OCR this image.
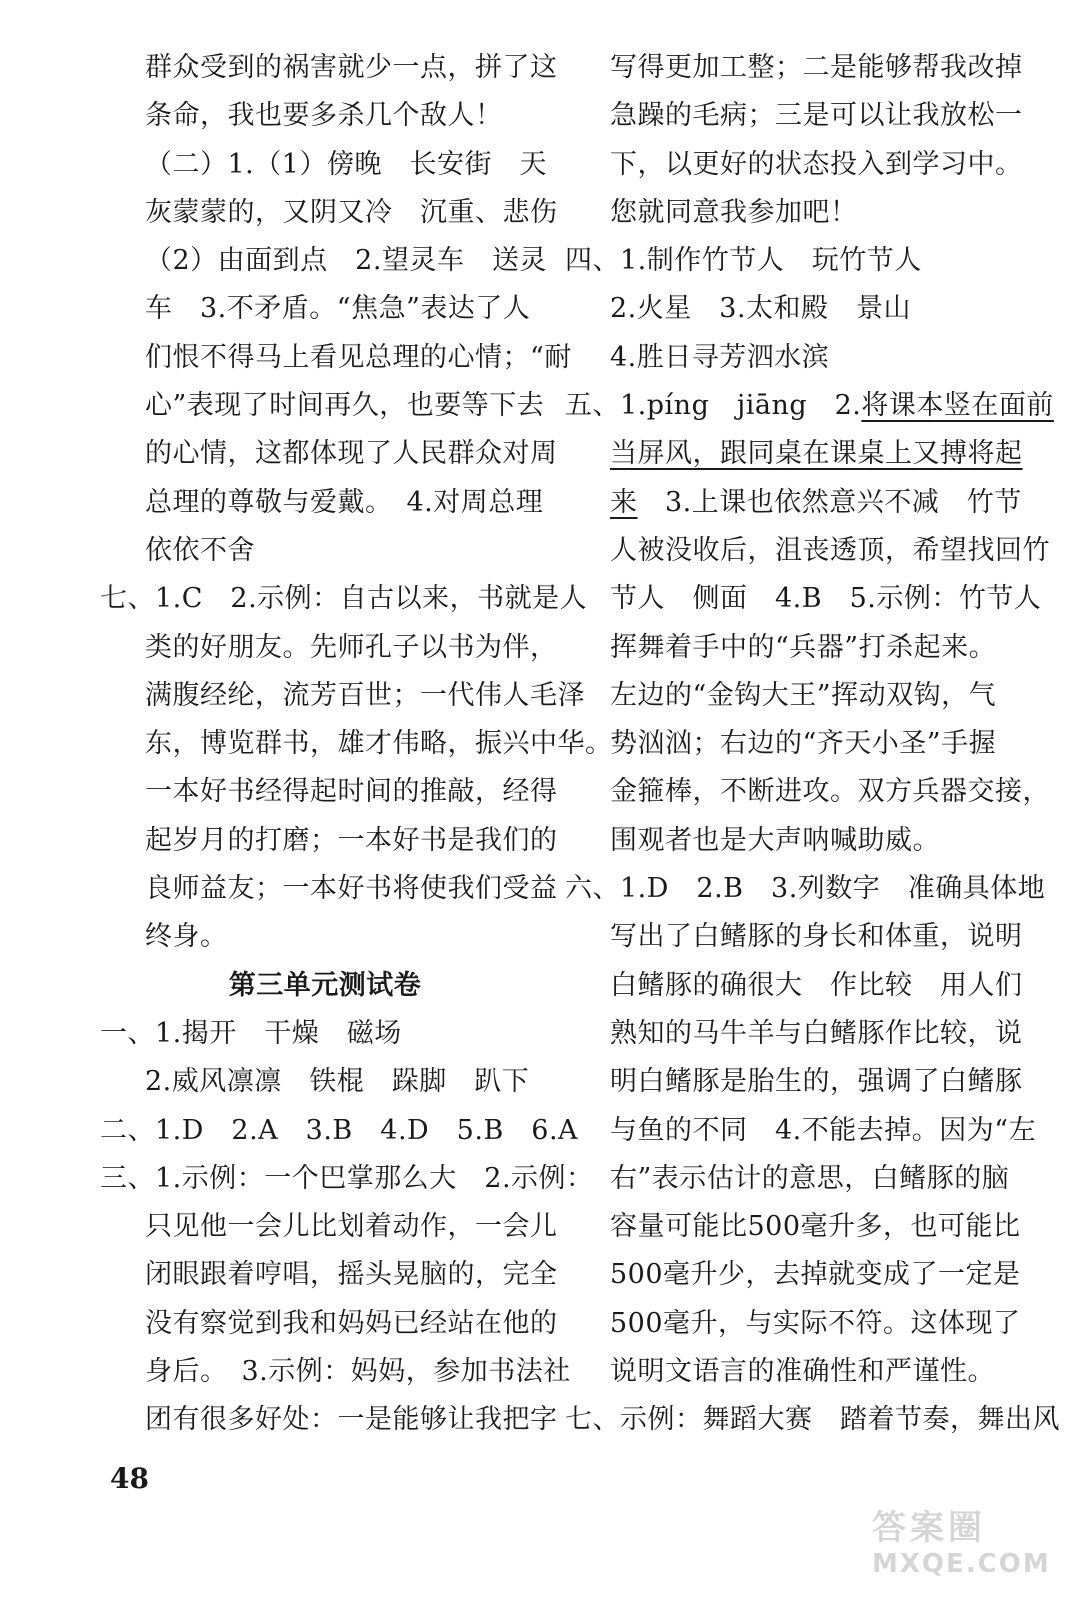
群众受到的祸害就少一点，拼了这
条命，我也要多杀几个敌人！
（二）1.（1）傍晚　长安街　天
灰蒙蒙的，又阴又冷　沉重、悲伤
（2）由面到点　2.望灵车　送灵
车　3.不矛盾。“焦急”表达了人
们恨不得马上看见总理的心情；“耐
心”表现了时间再久，也要等下去
的心情，这都体现了人民群众对周
总理的尊敬与爱戴。　4.对周总理
依依不舍
七、1.C　2.示例：自古以来，书就是人
类的好朋友。先师孔子以书为伴，
满腹经纶，流芳百世；一代伟人毛泽
东，博览群书，雄才伟略，振兴中华。
一本好书经得起时间的推敲，经得
起岁月的打磨；一本好书是我们的
良师益友；一本好书将使我们受益
终身。
第三单元测试卷
一、1.揭开　干燥　磁场
2.威风凛凛　铁棍　跺脚　趴下
二、1.D　2.A　3.B　4.D　5.B　6.A
三、1.示例：一个巴掌那么大　2.示例：
只见他一会儿比划着动作，一会儿
闭眼跟着哼唱，摇头晃脑的，完全
没有察觉到我和妈妈已经站在他的
身后。　3.示例：妈妈，参加书法社
团有很多好处：一是能够让我把字
写得更加工整；二是能够帮我改掉
急躁的毛病；三是可以让我放松一
下，以更好的状态投入到学习中。
您就同意我参加吧！
四、1.制作竹节人　玩竹节人
2.火星　3.太和殿　景山
4.胜日寻芳泗水滨
五、1.píng　jiāng　2.将课本竖在面前
当屏风，跟同桌在课桌上又搏将起
来　3.上课也依然意兴不减　竹节
人被没收后，沮丧透顶，希望找回竹
节人　侧面　4.B　5.示例：竹节人
挥舞着手中的“兵器”打杀起来。
左边的“金钩大王”挥动双钩，气
势汹汹；右边的“齐天小圣”手握
金箍棒，不断进攻。双方兵器交接，
围观者也是大声呐喊助威。
六、1.D　2.B　3.列数字　准确具体地
写出了白鳍豚的身长和体重，说明
白鳍豚的确很大　作比较　用人们
熟知的马牛羊与白鳍豚作比较，说
明白鳍豚是胎生的，强调了白鳍豚
与鱼的不同　4.不能去掉。因为“左
右”表示估计的意思，白鳍豚的脑
容量可能比500毫升多，也可能比
500毫升少，去掉就变成了一定是
500毫升，与实际不符。这体现了
说明文语言的准确性和严谨性。
七、示例：舞蹈大赛　踏着节奏，舞出风
48
答案圈
MXQE.COM
